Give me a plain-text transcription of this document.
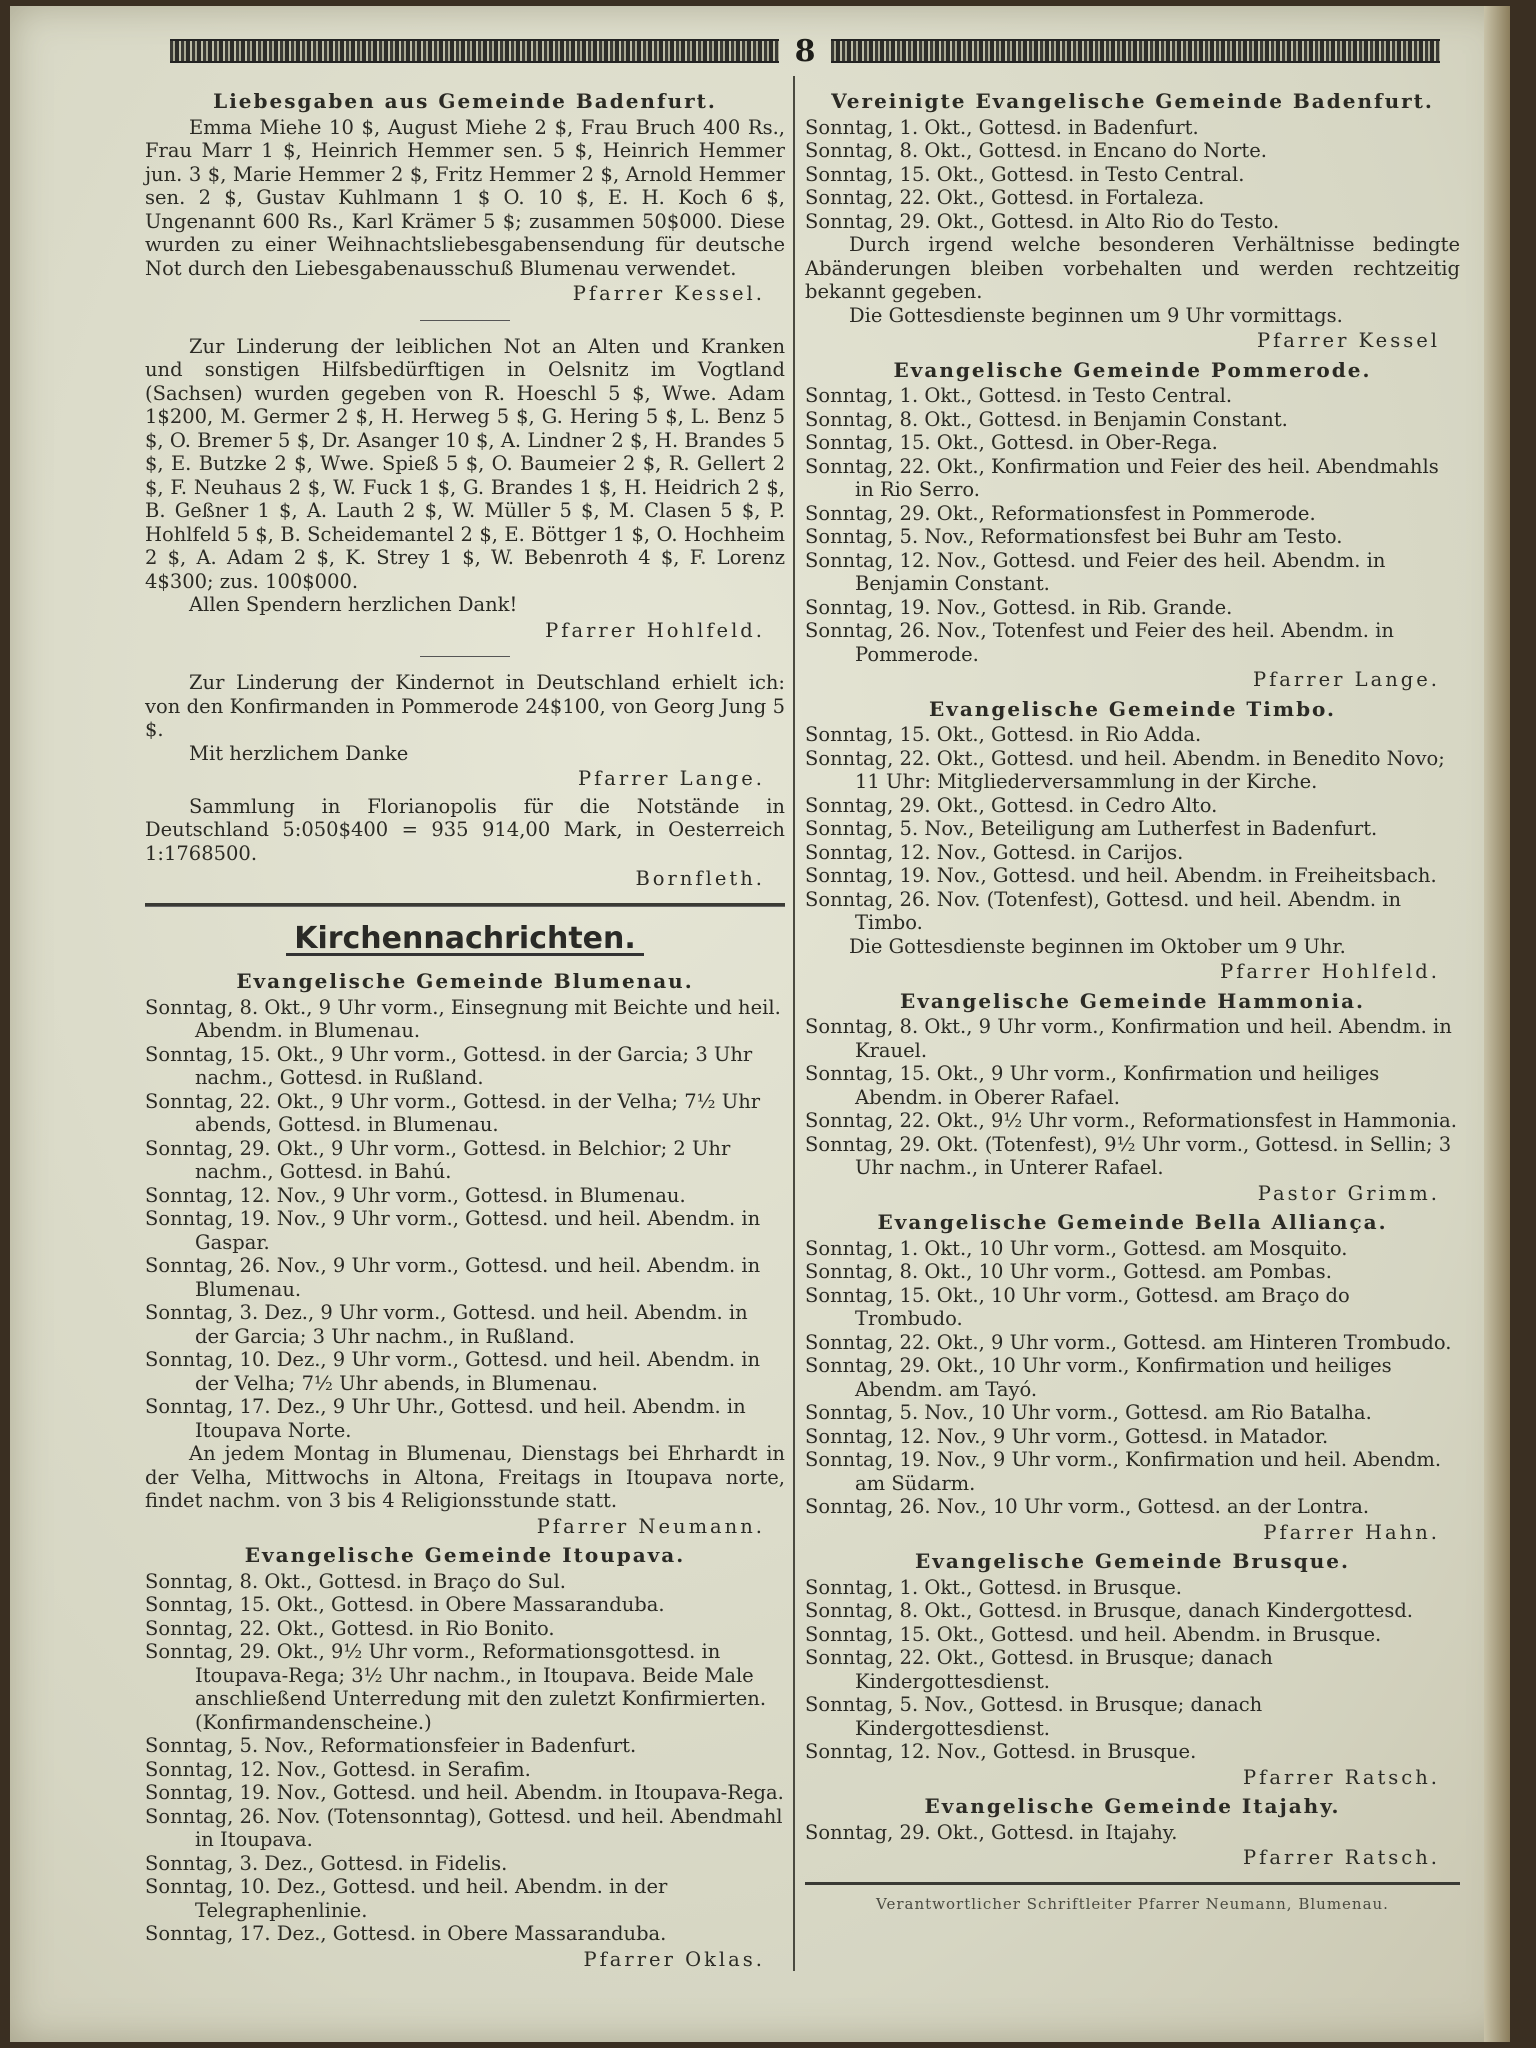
8
Liebesgaben aus Gemeinde Badenfurt.

Emma Miehe 10 $, August Miehe 2 $, Frau Bruch 400 Rs., Frau Marr 1 $, Heinrich Hemmer sen. 5 $, Heinrich Hemmer jun. 3 $, Marie Hemmer 2 $, Fritz Hemmer 2 $, Arnold Hemmer sen. 2 $, Gustav Kuhlmann 1 $ O. 10 $, E. H. Koch 6 $, Ungenannt 600 Rs., Karl Krämer 5 $; zusammen 50$000. Diese wurden zu einer Weihnachtsliebesgabensendung für deutsche Not durch den Liebesgabenausschuß Blumenau verwendet.

Pfarrer Kessel.

Zur Linderung der leiblichen Not an Alten und Kranken und sonstigen Hilfsbedürftigen in Oelsnitz im Vogtland (Sachsen) wurden gegeben von R. Hoeschl 5 $, Wwe. Adam 1$200, M. Germer 2 $, H. Herweg 5 $, G. Hering 5 $, L. Benz 5 $, O. Bremer 5 $, Dr. Asanger 10 $, A. Lindner 2 $, H. Brandes 5 $, E. Butzke 2 $, Wwe. Spieß 5 $, O. Baumeier 2 $, R. Gellert 2 $, F. Neuhaus 2 $, W. Fuck 1 $, G. Brandes 1 $, H. Heidrich 2 $, B. Geßner 1 $, A. Lauth 2 $, W. Müller 5 $, M. Clasen 5 $, P. Hohlfeld 5 $, B. Scheidemantel 2 $, E. Böttger 1 $, O. Hochheim 2 $, A. Adam 2 $, K. Strey 1 $, W. Bebenroth 4 $, F. Lorenz 4$300; zus. 100$000.

Allen Spendern herzlichen Dank!

Pfarrer Hohlfeld.

Zur Linderung der Kindernot in Deutschland erhielt ich: von den Konfirmanden in Pommerode 24$100, von Georg Jung 5 $.

Mit herzlichem Danke

Pfarrer Lange.

Sammlung in Florianopolis für die Notstände in Deutschland 5:050$400 = 935 914,00 Mark, in Oesterreich 1:1768500.

Bornfleth.
Kirchennachrichten.
Evangelische Gemeinde Blumenau.

Sonntag, 8. Okt., 9 Uhr vorm., Einsegnung mit Beichte und heil. Abendm. in Blumenau.

Sonntag, 15. Okt., 9 Uhr vorm., Gottesd. in der Garcia; 3 Uhr nachm., Gottesd. in Rußland.

Sonntag, 22. Okt., 9 Uhr vorm., Gottesd. in der Velha; 7½ Uhr abends, Gottesd. in Blumenau.

Sonntag, 29. Okt., 9 Uhr vorm., Gottesd. in Belchior; 2 Uhr nachm., Gottesd. in Bahú.

Sonntag, 12. Nov., 9 Uhr vorm., Gottesd. in Blumenau.

Sonntag, 19. Nov., 9 Uhr vorm., Gottesd. und heil. Abendm. in Gaspar.

Sonntag, 26. Nov., 9 Uhr vorm., Gottesd. und heil. Abendm. in Blumenau.

Sonntag, 3. Dez., 9 Uhr vorm., Gottesd. und heil. Abendm. in der Garcia; 3 Uhr nachm., in Rußland.

Sonntag, 10. Dez., 9 Uhr vorm., Gottesd. und heil. Abendm. in der Velha; 7½ Uhr abends, in Blumenau.

Sonntag, 17. Dez., 9 Uhr Uhr., Gottesd. und heil. Abendm. in Itoupava Norte.

An jedem Montag in Blumenau, Dienstags bei Ehrhardt in der Velha, Mittwochs in Altona, Freitags in Itoupava norte, findet nachm. von 3 bis 4 Religionsstunde statt.

Pfarrer Neumann.
Evangelische Gemeinde Itoupava.

Sonntag, 8. Okt., Gottesd. in Braço do Sul.

Sonntag, 15. Okt., Gottesd. in Obere Massaranduba.

Sonntag, 22. Okt., Gottesd. in Rio Bonito.

Sonntag, 29. Okt., 9½ Uhr vorm., Reformationsgottesd. in Itoupava-Rega; 3½ Uhr nachm., in Itoupava. Beide Male anschließend Unterredung mit den zuletzt Konfirmierten. (Konfirmandenscheine.)

Sonntag, 5. Nov., Reformationsfeier in Badenfurt.

Sonntag, 12. Nov., Gottesd. in Serafim.

Sonntag, 19. Nov., Gottesd. und heil. Abendm. in Itoupava-Rega.

Sonntag, 26. Nov. (Totensonntag), Gottesd. und heil. Abendmahl in Itoupava.

Sonntag, 3. Dez., Gottesd. in Fidelis.

Sonntag, 10. Dez., Gottesd. und heil. Abendm. in der Telegraphenlinie.

Sonntag, 17. Dez., Gottesd. in Obere Massaranduba.

Pfarrer Oklas.
Vereinigte Evangelische Gemeinde Badenfurt.

Sonntag, 1. Okt., Gottesd. in Badenfurt.

Sonntag, 8. Okt., Gottesd. in Encano do Norte.

Sonntag, 15. Okt., Gottesd. in Testo Central.

Sonntag, 22. Okt., Gottesd. in Fortaleza.

Sonntag, 29. Okt., Gottesd. in Alto Rio do Testo.

Durch irgend welche besonderen Verhältnisse bedingte Abänderungen bleiben vorbehalten und werden rechtzeitig bekannt gegeben.

Die Gottesdienste beginnen um 9 Uhr vormittags.

Pfarrer Kessel
Evangelische Gemeinde Pommerode.

Sonntag, 1. Okt., Gottesd. in Testo Central.

Sonntag, 8. Okt., Gottesd. in Benjamin Constant.

Sonntag, 15. Okt., Gottesd. in Ober-Rega.

Sonntag, 22. Okt., Konfirmation und Feier des heil. Abendmahls in Rio Serro.

Sonntag, 29. Okt., Reformationsfest in Pommerode.

Sonntag, 5. Nov., Reformationsfest bei Buhr am Testo.

Sonntag, 12. Nov., Gottesd. und Feier des heil. Abendm. in Benjamin Constant.

Sonntag, 19. Nov., Gottesd. in Rib. Grande.

Sonntag, 26. Nov., Totenfest und Feier des heil. Abendm. in Pommerode.

Pfarrer Lange.
Evangelische Gemeinde Timbo.

Sonntag, 15. Okt., Gottesd. in Rio Adda.

Sonntag, 22. Okt., Gottesd. und heil. Abendm. in Benedito Novo; 11 Uhr: Mitgliederversammlung in der Kirche.

Sonntag, 29. Okt., Gottesd. in Cedro Alto.

Sonntag, 5. Nov., Beteiligung am Lutherfest in Badenfurt.

Sonntag, 12. Nov., Gottesd. in Carijos.

Sonntag, 19. Nov., Gottesd. und heil. Abendm. in Freiheitsbach.

Sonntag, 26. Nov. (Totenfest), Gottesd. und heil. Abendm. in Timbo.

Die Gottesdienste beginnen im Oktober um 9 Uhr.

Pfarrer Hohlfeld.
Evangelische Gemeinde Hammonia.

Sonntag, 8. Okt., 9 Uhr vorm., Konfirmation und heil. Abendm. in Krauel.

Sonntag, 15. Okt., 9 Uhr vorm., Konfirmation und heiliges Abendm. in Oberer Rafael.

Sonntag, 22. Okt., 9½ Uhr vorm., Reformationsfest in Hammonia.

Sonntag, 29. Okt. (Totenfest), 9½ Uhr vorm., Gottesd. in Sellin; 3 Uhr nachm., in Unterer Rafael.

Pastor Grimm.
Evangelische Gemeinde Bella Alliança.

Sonntag, 1. Okt., 10 Uhr vorm., Gottesd. am Mosquito.

Sonntag, 8. Okt., 10 Uhr vorm., Gottesd. am Pombas.

Sonntag, 15. Okt., 10 Uhr vorm., Gottesd. am Braço do Trombudo.

Sonntag, 22. Okt., 9 Uhr vorm., Gottesd. am Hinteren Trombudo.

Sonntag, 29. Okt., 10 Uhr vorm., Konfirmation und heiliges Abendm. am Tayó.

Sonntag, 5. Nov., 10 Uhr vorm., Gottesd. am Rio Batalha.

Sonntag, 12. Nov., 9 Uhr vorm., Gottesd. in Matador.

Sonntag, 19. Nov., 9 Uhr vorm., Konfirmation und heil. Abendm. am Südarm.

Sonntag, 26. Nov., 10 Uhr vorm., Gottesd. an der Lontra.

Pfarrer Hahn.
Evangelische Gemeinde Brusque.

Sonntag, 1. Okt., Gottesd. in Brusque.

Sonntag, 8. Okt., Gottesd. in Brusque, danach Kindergottesd.

Sonntag, 15. Okt., Gottesd. und heil. Abendm. in Brusque.

Sonntag, 22. Okt., Gottesd. in Brusque; danach Kindergottesdienst.

Sonntag, 5. Nov., Gottesd. in Brusque; danach Kindergottesdienst.

Sonntag, 12. Nov., Gottesd. in Brusque.

Pfarrer Ratsch.
Evangelische Gemeinde Itajahy.

Sonntag, 29. Okt., Gottesd. in Itajahy.

Pfarrer Ratsch.
Verantwortlicher Schriftleiter Pfarrer Neumann, Blumenau.
